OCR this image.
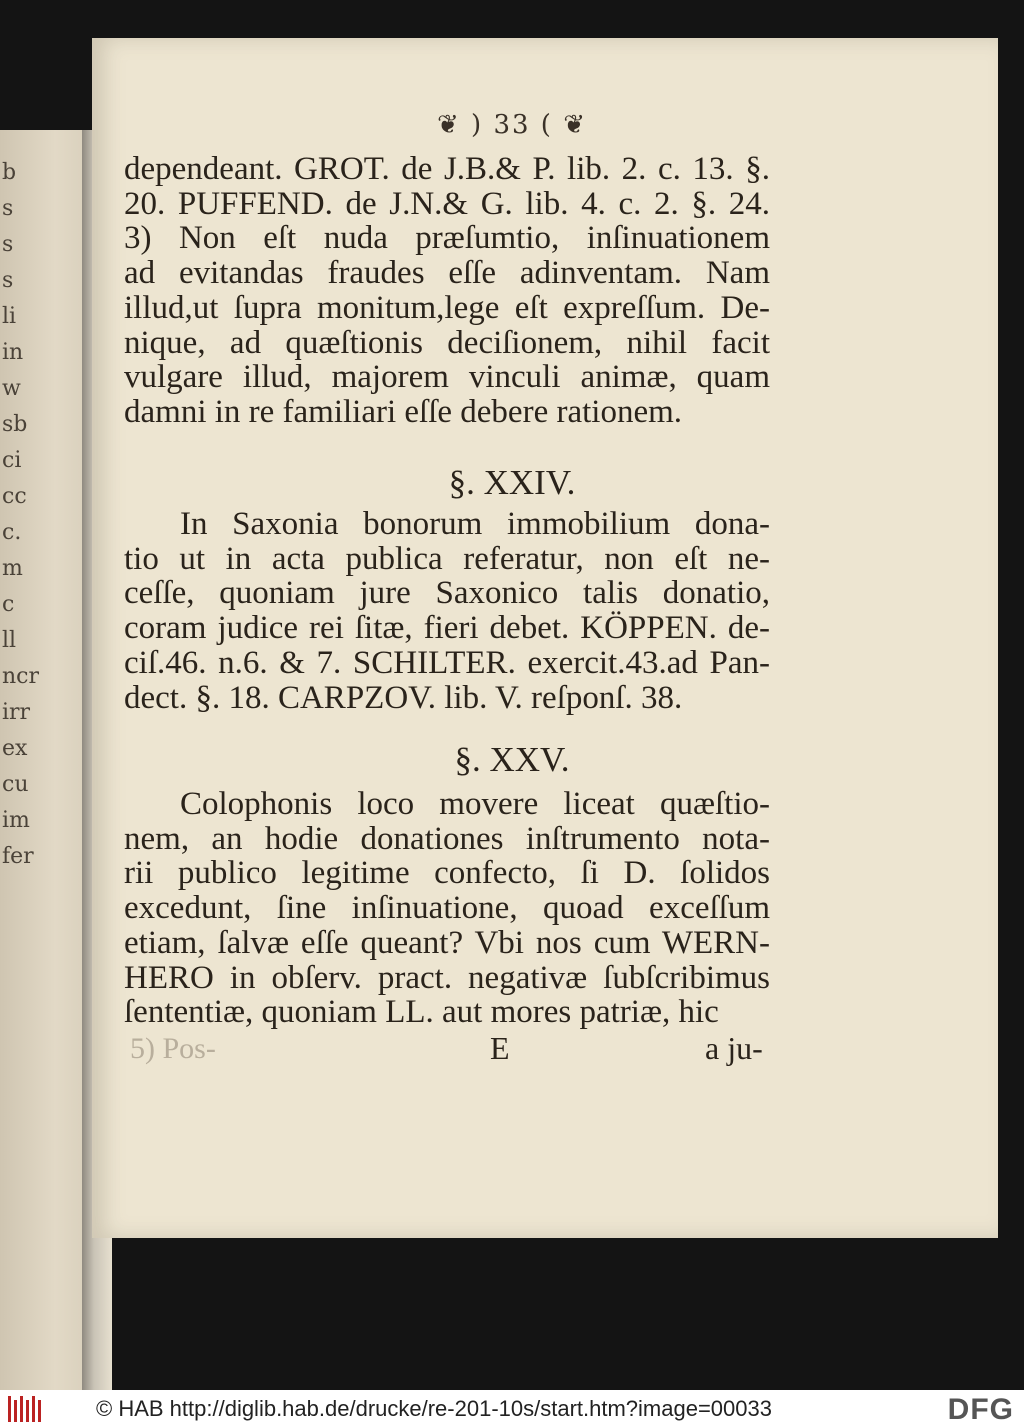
b
s
s
s
li
in
w
sb
ci
cc
c.
m
c
ll
ncr
irr
ex
cu
im
fer
❦ ) 33 ( ❦
dependeant. GROT. de J.B.& P. lib. 2. c. 13. §.
20. PUFFEND. de J.N.& G. lib. 4. c. 2. §. 24.
3) Non eſt nuda præſumtio, inſinuationem
ad evitandas fraudes eſſe adinventam. Nam
illud,ut ſupra monitum,lege eſt expreſſum. De-
nique, ad quæſtionis deciſionem, nihil facit
vulgare illud, majorem vinculi animæ, quam
damni in re familiari eſſe debere rationem.
§. XXIV.
In Saxonia bonorum immobilium dona-
tio ut in acta publica referatur, non eſt ne-
ceſſe, quoniam jure Saxonico talis donatio,
coram judice rei ſitæ, fieri debet. KÖPPEN. de-
ciſ.46. n.6. & 7. SCHILTER. exercit.43.ad Pan-
dect. §. 18. CARPZOV. lib. V. reſponſ. 38.
§. XXV.
Colophonis loco movere liceat quæſtio-
nem, an hodie donationes inſtrumento nota-
rii publico legitime confecto, ſi D. ſolidos
excedunt, ſine inſinuatione, quoad exceſſum
etiam, ſalvæ eſſe queant? Vbi nos cum WERN-
HERO in obſerv. pract. negativæ ſubſcribimus
ſententiæ, quoniam LL. aut mores patriæ, hic
5) Pos-	E	a ju-
© HAB http://diglib.hab.de/drucke/re-201-10s/start.htm?image=00033	DFG
